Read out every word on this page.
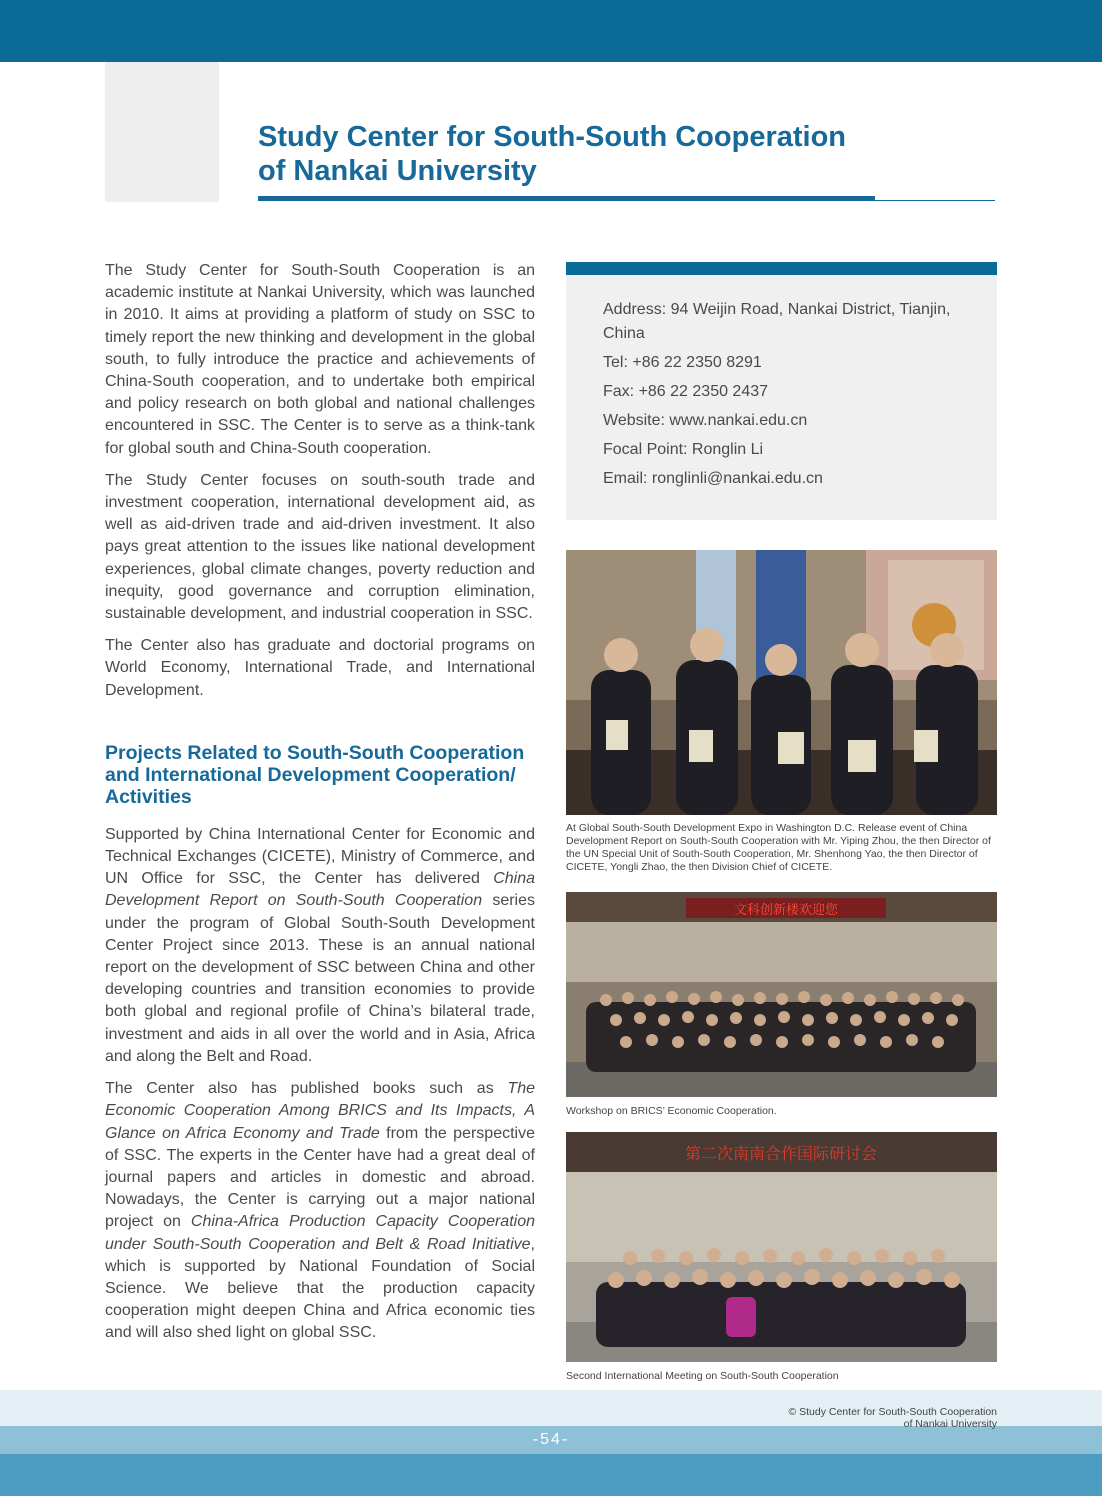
Study Center for South-South Cooperation
of Nankai University

The Study Center for South-South Cooperation is an academic institute at Nankai University, which was launched in 2010. It aims at providing a platform of study on SSC to timely report the new thinking and development in the global south, to fully introduce the practice and achievements of China-South cooperation, and to undertake both empirical and policy research on both global and national challenges encountered in SSC. The Center is to serve as a think-tank for global south and China-South cooperation.

The Study Center focuses on south-south trade and investment cooperation, international development aid, as well as aid-driven trade and aid-driven investment. It also pays great attention to the issues like national development experiences, global climate changes, poverty reduction and inequity, good governance and corruption elimination, sustainable development, and industrial cooperation in SSC.

The Center also has graduate and doctorial programs on World Economy, International Trade, and International Development.

Projects Related to South-South Cooperation and International Development Cooperation/ Activities

Supported by China International Center for Economic and Technical Exchanges (CICETE), Ministry of Commerce, and UN Office for SSC, the Center has delivered China Development Report on South-South Cooperation series under the program of Global South-South Development Center Project since 2013. These is an annual national report on the development of SSC between China and other developing countries and transition economies to provide both global and regional profile of China’s bilateral trade, investment and aids in all over the world and in Asia, Africa and along the Belt and Road.

The Center also has published books such as The Economic Cooperation Among BRICS and Its Impacts, A Glance on Africa Economy and Trade from the perspective of SSC. The experts in the Center have had a great deal of journal papers and articles in domestic and abroad. Nowadays, the Center is carrying out a major national project on China-Africa Production Capacity Cooperation under South-South Cooperation and Belt & Road Initiative, which is supported by National Foundation of Social Science. We believe that the production capacity cooperation might deepen China and Africa economic ties and will also shed light on global SSC.

Address: 94 Weijin Road, Nankai District, Tianjin, China
Tel: +86 22 2350 8291
Fax: +86 22 2350 2437
Website: www.nankai.edu.cn
Focal Point: Ronglin Li
Email: ronglinli@nankai.edu.cn
At Global South-South Development Expo in Washington D.C. Release event of China Development Report on South-South Cooperation with Mr. Yiping Zhou, the then Director of the UN Special Unit of South-South Cooperation, Mr. Shenhong Yao, the then Director of CICETE, Yongli Zhao, the then Division Chief of CICETE.
文科创新楼欢迎您
Workshop on BRICS’ Economic Cooperation.
第二次南南合作国际研讨会
Second International Meeting on South-South Cooperation
© Study Center for South-South Cooperation
of Nankai University
-54-
